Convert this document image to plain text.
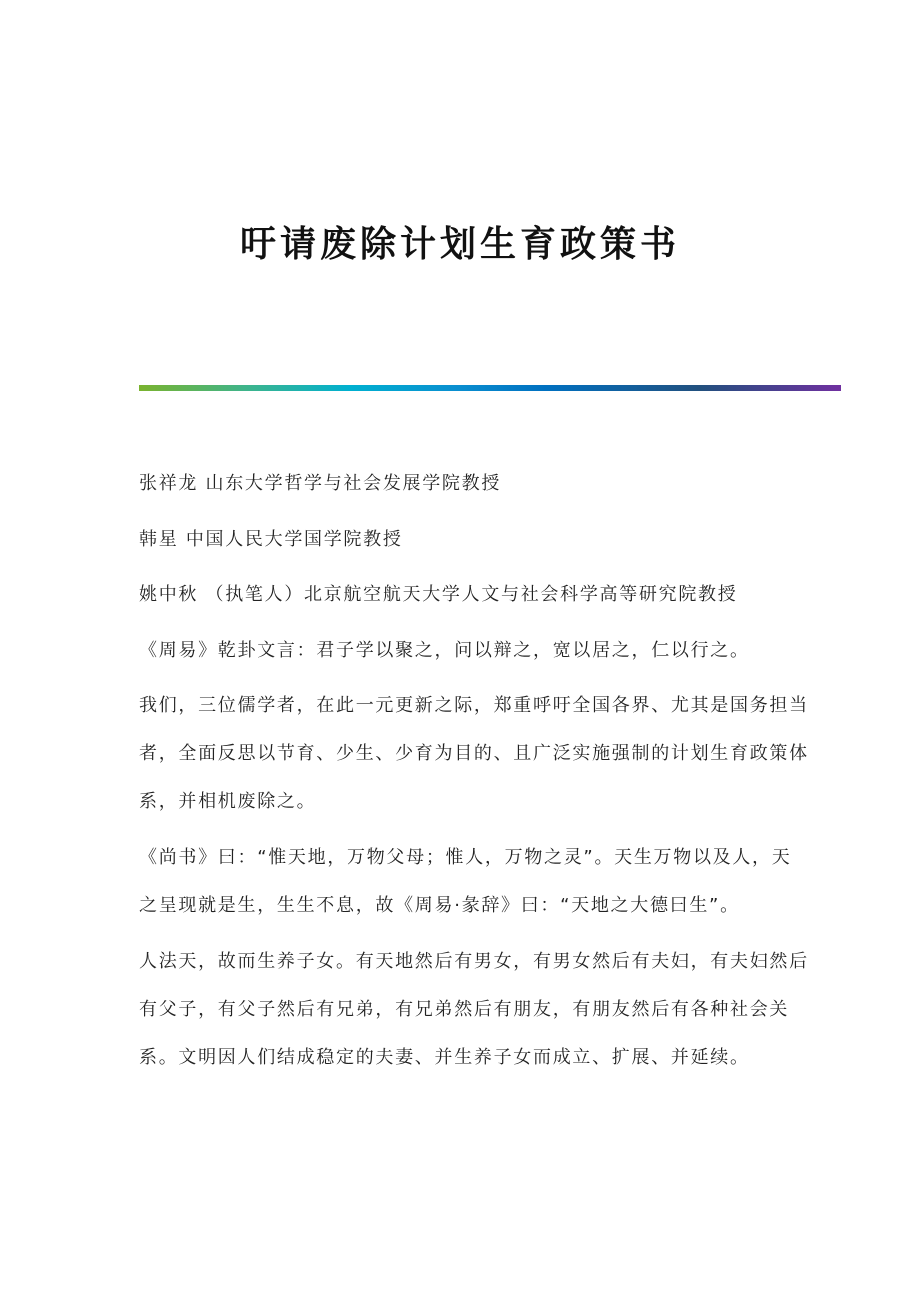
吁请废除计划生育政策书
张祥龙 山东大学哲学与社会发展学院教授
韩星 中国人民大学国学院教授
姚中秋 （执笔人）北京航空航天大学人文与社会科学高等研究院教授
《周易》乾卦文言：君子学以聚之，问以辩之，宽以居之，仁以行之。
我们，三位儒学者，在此一元更新之际，郑重呼吁全国各界、尤其是国务担当
者，全面反思以节育、少生、少育为目的、且广泛实施强制的计划生育政策体
系，并相机废除之。
《尚书》曰：“惟天地，万物父母；惟人，万物之灵”。天生万物以及人，天
之呈现就是生，生生不息，故《周易·彖辞》曰：“天地之大德曰生”。
人法天，故而生养子女。有天地然后有男女，有男女然后有夫妇，有夫妇然后
有父子，有父子然后有兄弟，有兄弟然后有朋友，有朋友然后有各种社会关
系。文明因人们结成稳定的夫妻、并生养子女而成立、扩展、并延续。
